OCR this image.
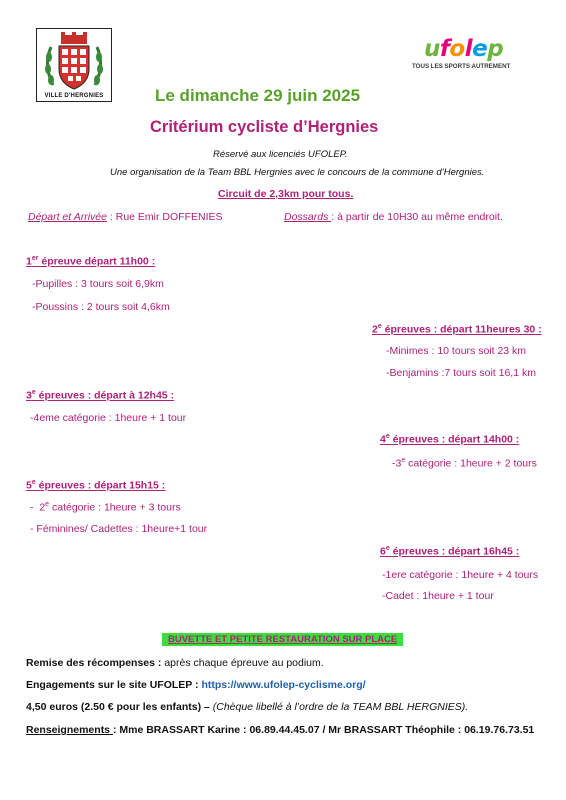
VILLE D'HERGNIES
ufolep
TOUS LES SPORTS AUTREMENT
Le dimanche 29 juin 2025
Critérium cycliste d’Hergnies
Réservé aux licenciés UFOLEP.
Une organisation de la Team BBL Hergnies avec le concours de la commune d’Hergnies.
Circuit de 2,3km pour tous.
Départ et Arrivée : Rue Emir DOFFENIES	Dossards : à partir de 10H30 au même endroit.
1er épreuve départ 11h00 :
-Pupilles : 3 tours soit 6,9km
-Poussins : 2 tours soit 4,6km
2e épreuves : départ 11heures 30 :
-Minimes : 10 tours soit 23 km
-Benjamins :7 tours soit 16,1 km
3e épreuves : départ à 12h45 :
-4eme catégorie : 1heure + 1 tour
4e épreuves : départ 14h00 :
-3e catégorie : 1heure + 2 tours
5e épreuves : départ 15h15 :
-  2e catégorie : 1heure + 3 tours
- Féminines/ Cadettes : 1heure+1 tour
6e épreuves : départ 16h45 :
-1ere catégorie : 1heure + 4 tours
-Cadet : 1heure + 1 tour
BUVETTE ET PETITE RESTAURATION SUR PLACE
Remise des récompenses : après chaque épreuve au podium.
Engagements sur le site UFOLEP : https://www.ufolep-cyclisme.org/
4,50 euros (2.50 € pour les enfants) – (Chèque libellé à l’ordre de la TEAM BBL HERGNIES).
Renseignements : Mme BRASSART Karine : 06.89.44.45.07 / Mr BRASSART Théophile : 06.19.76.73.51
